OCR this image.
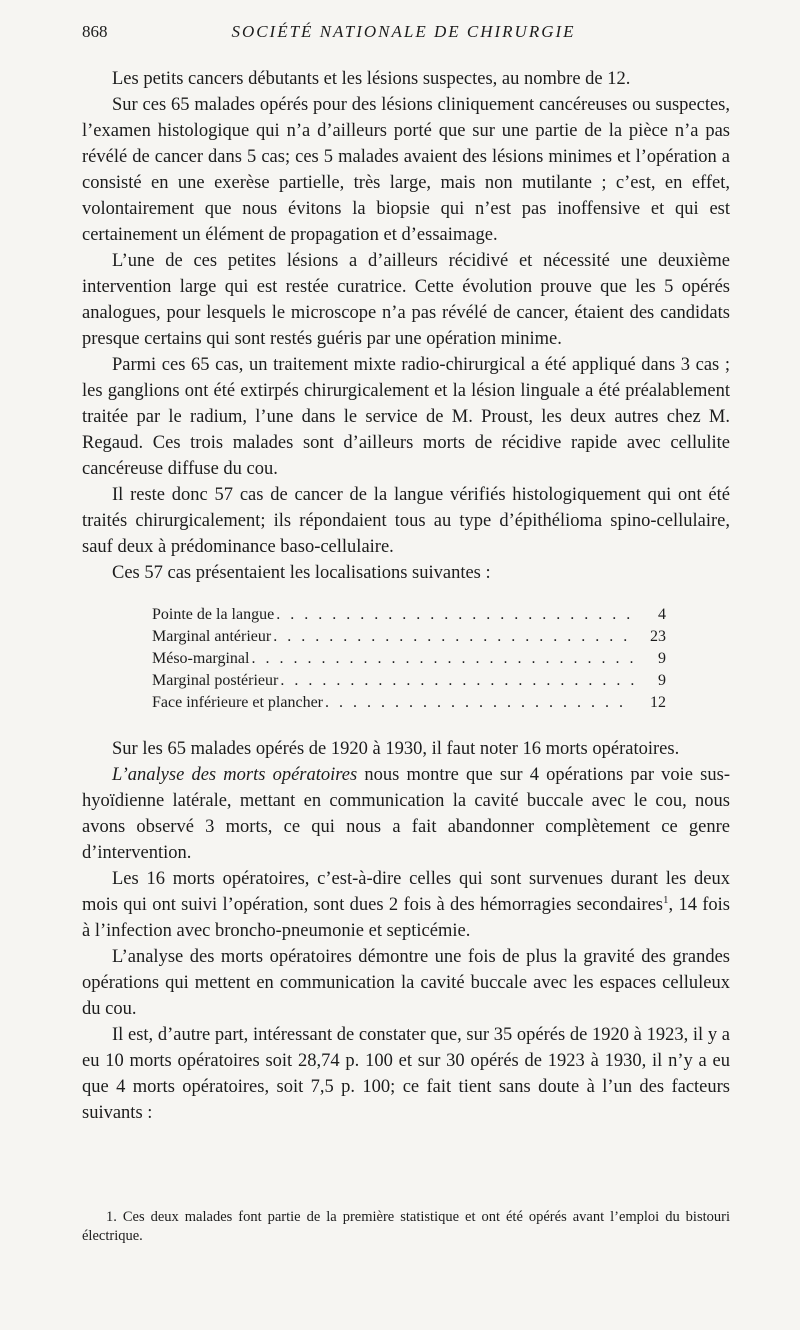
868	SOCIÉTÉ NATIONALE DE CHIRURGIE

Les petits cancers débutants et les lésions suspectes, au nombre de 12.

Sur ces 65 malades opérés pour des lésions cliniquement cancéreuses ou suspectes, l’examen histologique qui n’a d’ailleurs porté que sur une partie de la pièce n’a pas révélé de cancer dans 5 cas; ces 5 malades avaient des lésions minimes et l’opération a consisté en une exerèse partielle, très large, mais non mutilante ; c’est, en effet, volontairement que nous évitons la biopsie qui n’est pas inoffensive et qui est certainement un élément de propagation et d’essaimage.

L’une de ces petites lésions a d’ailleurs récidivé et nécessité une deuxième intervention large qui est restée curatrice. Cette évolution prouve que les 5 opérés analogues, pour lesquels le microscope n’a pas révélé de cancer, étaient des candidats presque certains qui sont restés guéris par une opération minime.

Parmi ces 65 cas, un traitement mixte radio-chirurgical a été appliqué dans 3 cas ; les ganglions ont été extirpés chirurgicalement et la lésion linguale a été préalablement traitée par le radium, l’une dans le service de M. Proust, les deux autres chez M. Regaud. Ces trois malades sont d’ailleurs morts de récidive rapide avec cellulite cancéreuse diffuse du cou.

Il reste donc 57 cas de cancer de la langue vérifiés histologiquement qui ont été traités chirurgicalement; ils répondaient tous au type d’épithélioma spino-cellulaire, sauf deux à prédominance baso-cellulaire.

Ces 57 cas présentaient les localisations suivantes :

Pointe de la langue . . .	4
Marginal antérieur . . .	23
Méso-marginal . . .	9
Marginal postérieur . . .	9
Face inférieure et plancher . . .	12

Sur les 65 malades opérés de 1920 à 1930, il faut noter 16 morts opératoires.

L’analyse des morts opératoires nous montre que sur 4 opérations par voie sus-hyoïdienne latérale, mettant en communication la cavité buccale avec le cou, nous avons observé 3 morts, ce qui nous a fait abandonner complètement ce genre d’intervention.

Les 16 morts opératoires, c’est-à-dire celles qui sont survenues durant les deux mois qui ont suivi l’opération, sont dues 2 fois à des hémorragies secondaires$^1$, 14 fois à l’infection avec broncho-pneumonie et septicémie.

L’analyse des morts opératoires démontre une fois de plus la gravité des grandes opérations qui mettent en communication la cavité buccale avec les espaces celluleux du cou.

Il est, d’autre part, intéressant de constater que, sur 35 opérés de 1920 à 1923, il y a eu 10 morts opératoires soit 28,74 p. 100 et sur 30 opérés de 1923 à 1930, il n’y a eu que 4 morts opératoires, soit 7,5 p. 100; ce fait tient sans doute à l’un des facteurs suivants :

1. Ces deux malades font partie de la première statistique et ont été opérés avant l’emploi du bistouri électrique.
